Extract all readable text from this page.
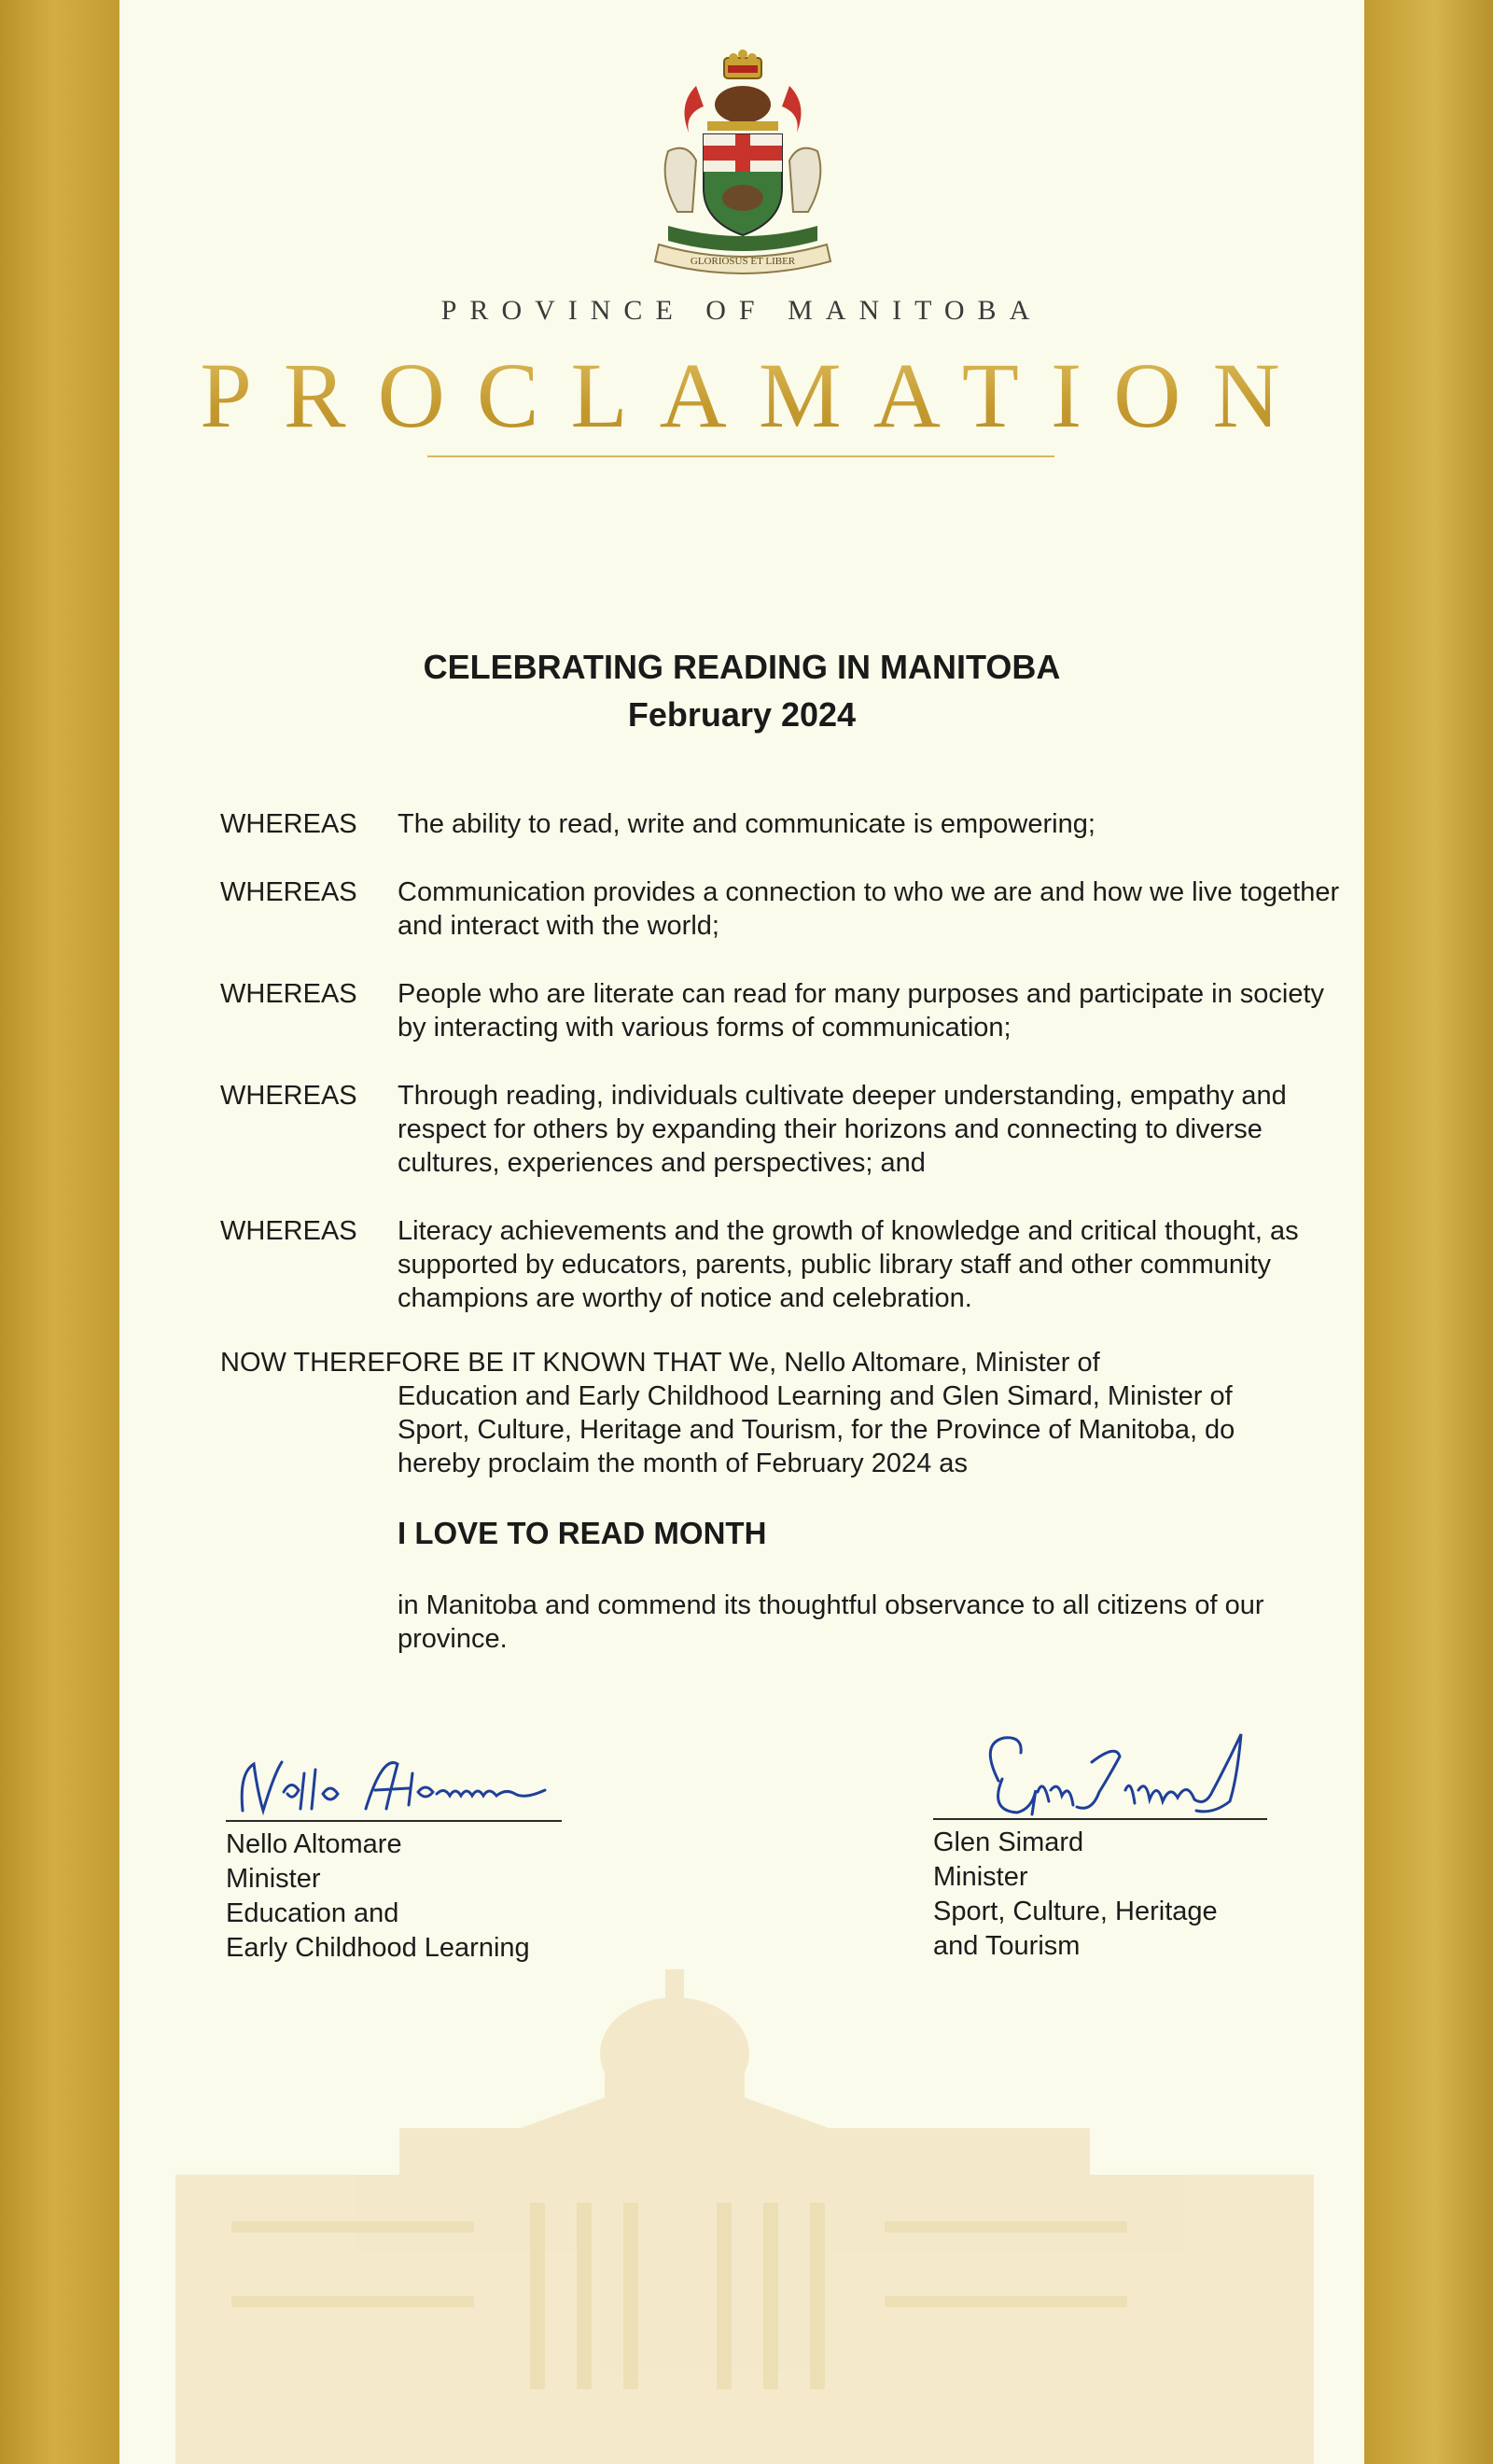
GLORIOSUS ET LIBER
PROVINCE OF MANITOBA
PROCLAMATION
CELEBRATING READING IN MANITOBA
February 2024
WHEREAS The ability to read, write and communicate is empowering;
WHEREAS Communication provides a connection to who we are and how we live together and interact with the world;
WHEREAS People who are literate can read for many purposes and participate in society by interacting with various forms of communication;
WHEREAS Through reading, individuals cultivate deeper understanding, empathy and respect for others by expanding their horizons and connecting to diverse cultures, experiences and perspectives; and
WHEREAS Literacy achievements and the growth of knowledge and critical thought, as supported by educators, parents, public library staff and other community champions are worthy of notice and celebration.
NOW THEREFORE BE IT KNOWN THAT We, Nello Altomare, Minister of
Education and Early Childhood Learning and Glen Simard, Minister of Sport, Culture, Heritage and Tourism, for the Province of Manitoba, do hereby proclaim the month of February 2024 as
I LOVE TO READ MONTH
in Manitoba and commend its thoughtful observance to all citizens of our province.
Nello Altomare
Minister
Education and
Early Childhood Learning
Glen Simard
Minister
Sport, Culture, Heritage
and Tourism
